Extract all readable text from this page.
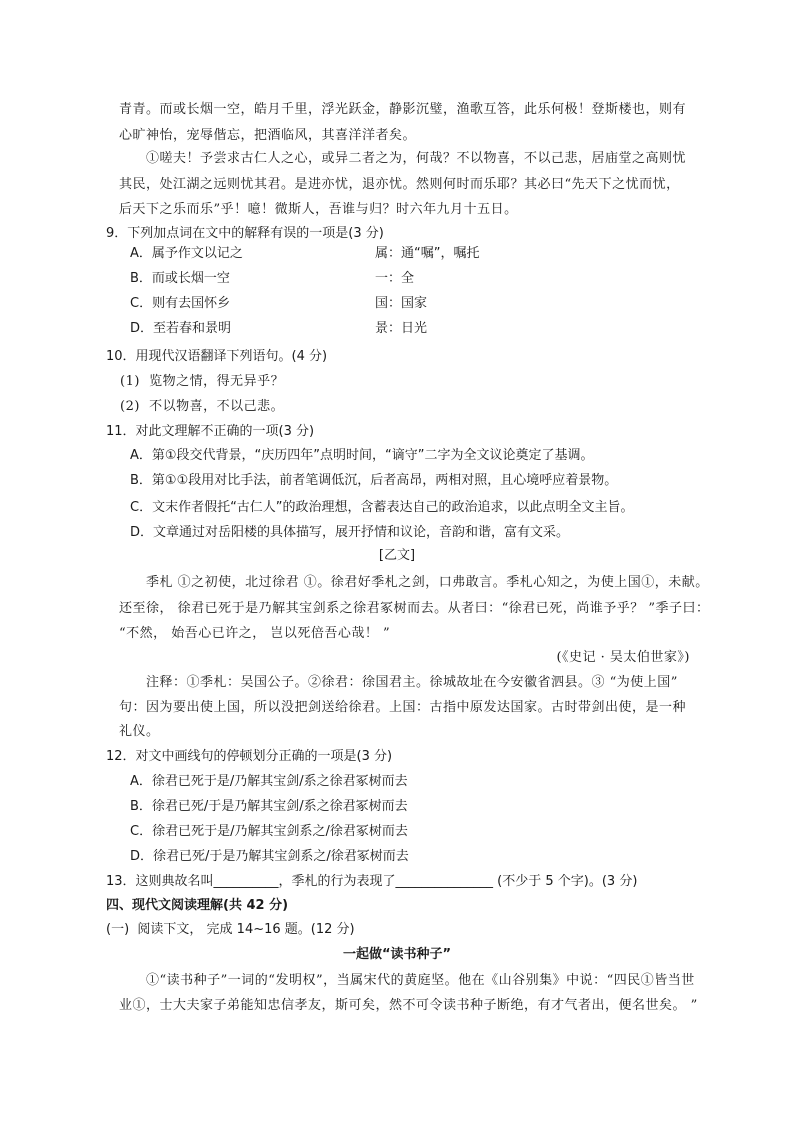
青青。而或长烟一空，皓月千里，浮光跃金，静影沉璧，渔歌互答，此乐何极！登斯楼也，则有
心旷神怡，宠辱偕忘，把酒临风，其喜洋洋者矣。
①嗟夫！予尝求古仁人之心，或异二者之为，何哉？不以物喜，不以己悲，居庙堂之高则忧
其民，处江湖之远则忧其君。是进亦忧，退亦忧。然则何时而乐耶？其必曰“先天下之忧而忧，
后天下之乐而乐”乎！噫！微斯人，吾谁与归？时六年九月十五日。
9．下列加点词在文中的解释有误的一项是(3 分)
A．属予作文以记之	属：通“嘱”，嘱托
B．而或长烟一空	一：全
C．则有去国怀乡	国：国家
D．至若春和景明	景：日光
10．用现代汉语翻译下列语句。(4 分)
(1)  览物之情，得无异乎？
(2)  不以物喜，不以己悲。
11．对此文理解不正确的一项(3 分)
A．第①段交代背景，“庆历四年”点明时间，“谪守”二字为全文议论奠定了基调。
B．第①①段用对比手法，前者笔调低沉，后者高昂，两相对照，且心境呼应着景物。
C．文末作者假托“古仁人”的政治理想，含蓄表达自己的政治追求，以此点明全文主旨。
D．文章通过对岳阳楼的具体描写，展开抒情和议论，音韵和谐，富有文采。
[乙文]
季札 ①之初使，北过徐君 ①。徐君好季札之剑，口弗敢言。季札心知之，为使上国①，未献。
还至徐， 徐君已死于是乃解其宝剑系之徐君冢树而去。从者曰：“徐君已死，尚谁予乎？ ”季子曰：
“不然， 始吾心已许之， 岂以死倍吾心哉！ ”
(《史记 · 吴太伯世家》)
注释：①季札：吴国公子。②徐君：徐国君主。徐城故址在今安徽省泗县。③ “为使上国”
句：因为要出使上国，所以没把剑送给徐君。上国：古指中原发达国家。古时带剑出使，是一种
礼仪。
12．对文中画线句的停顿划分正确的一项是(3 分)
A．徐君已死于是/乃解其宝剑/系之徐君冢树而去
B．徐君已死/于是乃解其宝剑/系之徐君冢树而去
C．徐君已死于是/乃解其宝剑系之/徐君冢树而去
D．徐君已死/于是乃解其宝剑系之/徐君冢树而去
13．这则典故名叫__________，季札的行为表现了_______________ (不少于 5 个字)。(3 分)
四、现代文阅读理解(共 42 分)
(一)  阅读下文， 完成 14~16 题。(12 分)
一起做“读书种子”
①“读书种子”一词的“发明权”，当属宋代的黄庭坚。他在《山谷别集》中说：“四民①皆当世
业①，士大夫家子弟能知忠信孝友，斯可矣，然不可令读书种子断绝，有才气者出，便名世矣。 ”
